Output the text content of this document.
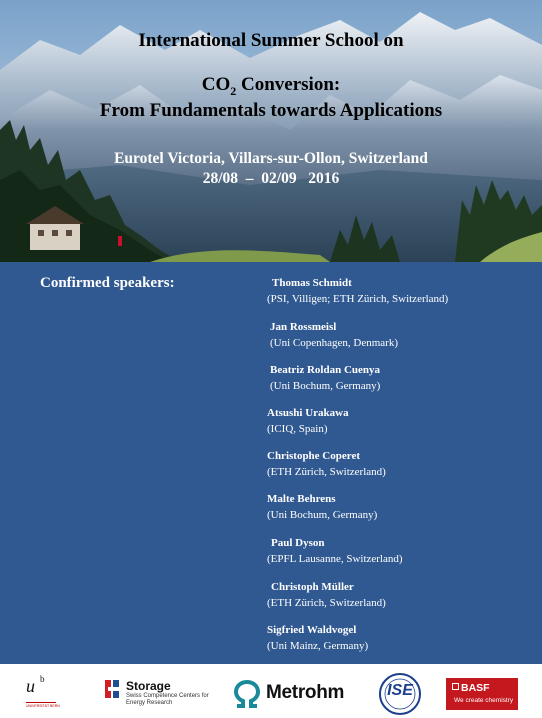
International Summer School on
$CO_2$ Conversion:
From Fundamentals towards Applications
Eurotel Victoria, Villars-sur-Ollon, Switzerland
28/08  –  02/09   2016
Confirmed speakers:	Thomas Schmidt
(PSI, Villigen; ETH Zürich, Switzerland)
Jan Rossmeisl
(Uni Copenhagen, Denmark)
Beatriz Roldan Cuenya
(Uni Bochum, Germany)
Atsushi Urakawa
(ICIQ, Spain)
Christophe Coperet
(ETH Zürich, Switzerland)
Malte Behrens
(Uni Bochum, Germany)
Paul Dyson
(EPFL Lausanne, Switzerland)
Christoph Müller
(ETH Zürich, Switzerland)
Sigfried Waldvogel
(Uni Mainz, Germany)
u b
UNIVERSITÄT BERN
Storage
Swiss Competence Centers for Energy Research	Metrohm	ISE	BASF
We create chemistry
